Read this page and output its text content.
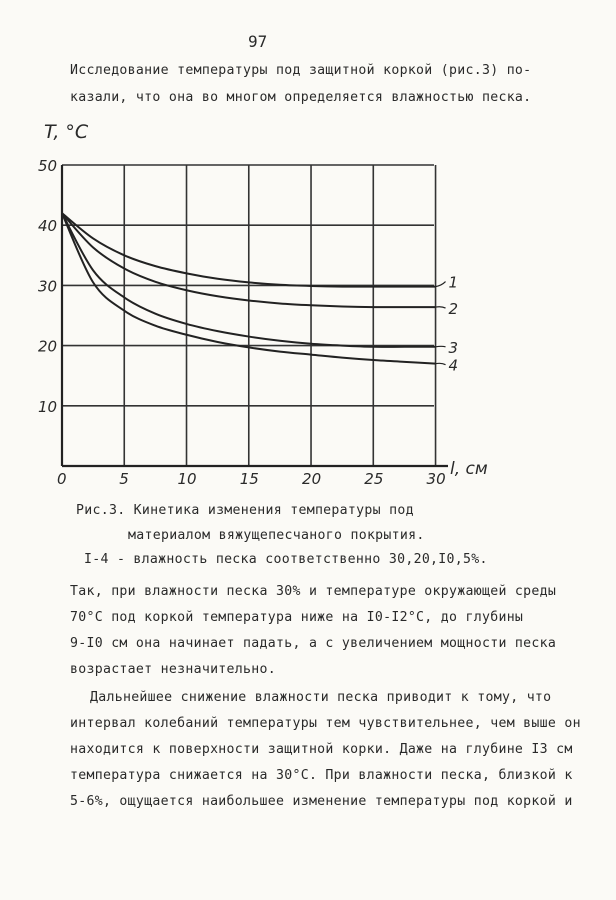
97
Исследование температуры под защитной коркой (рис.3) по-
казали, что она во многом определяется влажностью песка.
10
20
30
40
50
0	5	10	15	20	25	30
1
2
3
4
T, °C
l, см
Рис.3. Кинетика изменения температуры под
материалом вяжущепесчаного покрытия.
I-4 - влажность песка соответственно 30,20,I0,5%.
Так, при влажности песка 30% и температуре окружающей среды
70°С под коркой температура ниже на I0-I2°С, до глубины
9-I0 см она начинает падать, а с увеличением мощности песка
возрастает незначительно.
Дальнейшее снижение влажности песка приводит к тому, что
интервал колебаний температуры тем чувствительнее, чем выше он
находится к поверхности защитной корки. Даже на глубине I3 см
температура снижается на 30°С. При влажности песка, близкой к
5-6%, ощущается наибольшее изменение температуры под коркой и
